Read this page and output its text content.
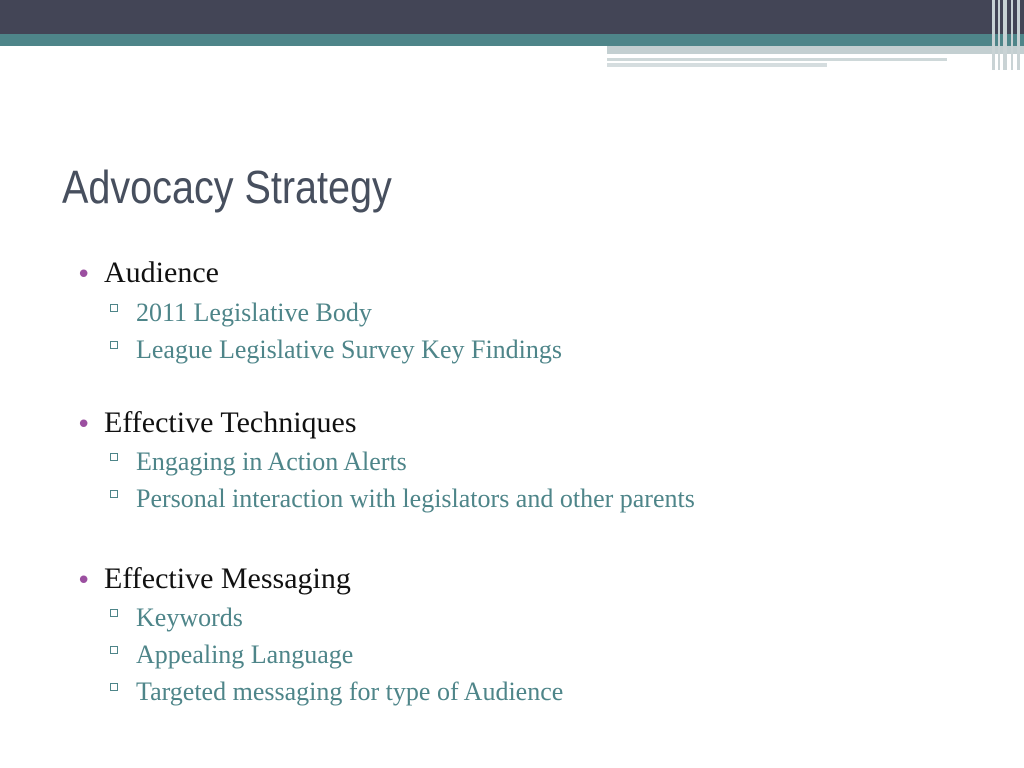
Advocacy Strategy
• Audience
2011 Legislative Body
League Legislative Survey Key Findings
• Effective Techniques
Engaging in Action Alerts
Personal interaction with legislators and other parents
• Effective Messaging
Keywords
Appealing Language
Targeted messaging for type of Audience
